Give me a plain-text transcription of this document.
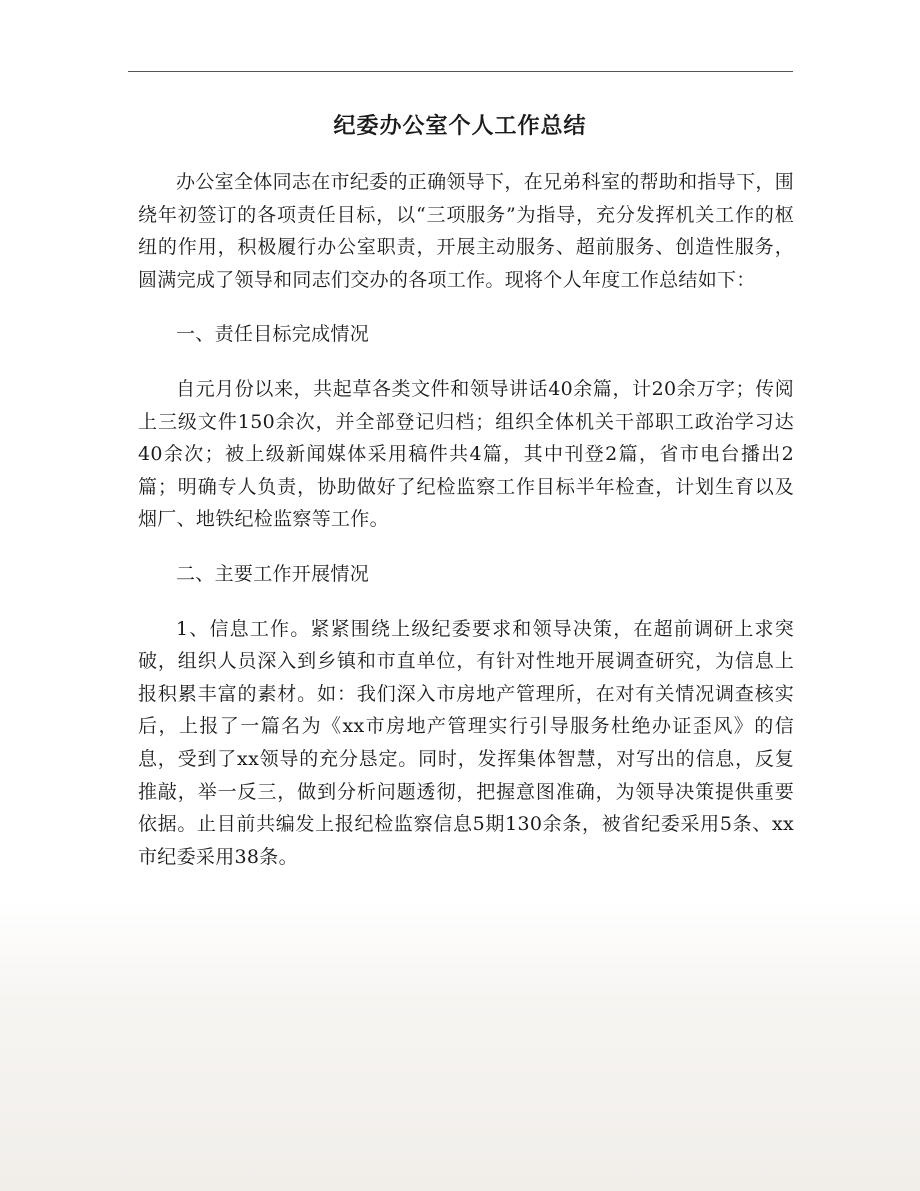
纪委办公室个人工作总结

办公室全体同志在市纪委的正确领导下，在兄弟科室的帮助和指导下，围绕年初签订的各项责任目标，以“三项服务”为指导，充分发挥机关工作的枢纽的作用，积极履行办公室职责，开展主动服务、超前服务、创造性服务，圆满完成了领导和同志们交办的各项工作。现将个人年度工作总结如下：

一、责任目标完成情况

自元月份以来，共起草各类文件和领导讲话40余篇，计20余万字；传阅上三级文件150余次，并全部登记归档；组织全体机关干部职工政治学习达40余次；被上级新闻媒体采用稿件共4篇，其中刊登2篇，省市电台播出2篇；明确专人负责，协助做好了纪检监察工作目标半年检查，计划生育以及烟厂、地铁纪检监察等工作。

二、主要工作开展情况

1、信息工作。紧紧围绕上级纪委要求和领导决策，在超前调研上求突破，组织人员深入到乡镇和市直单位，有针对性地开展调查研究，为信息上报积累丰富的素材。如：我们深入市房地产管理所，在对有关情况调查核实后，上报了一篇名为《xx市房地产管理实行引导服务杜绝办证歪风》的信息，受到了xx领导的充分恳定。同时，发挥集体智慧，对写出的信息，反复推敲，举一反三，做到分析问题透彻，把握意图准确，为领导决策提供重要依据。止目前共编发上报纪检监察信息5期130余条，被省纪委采用5条、xx市纪委采用38条。
